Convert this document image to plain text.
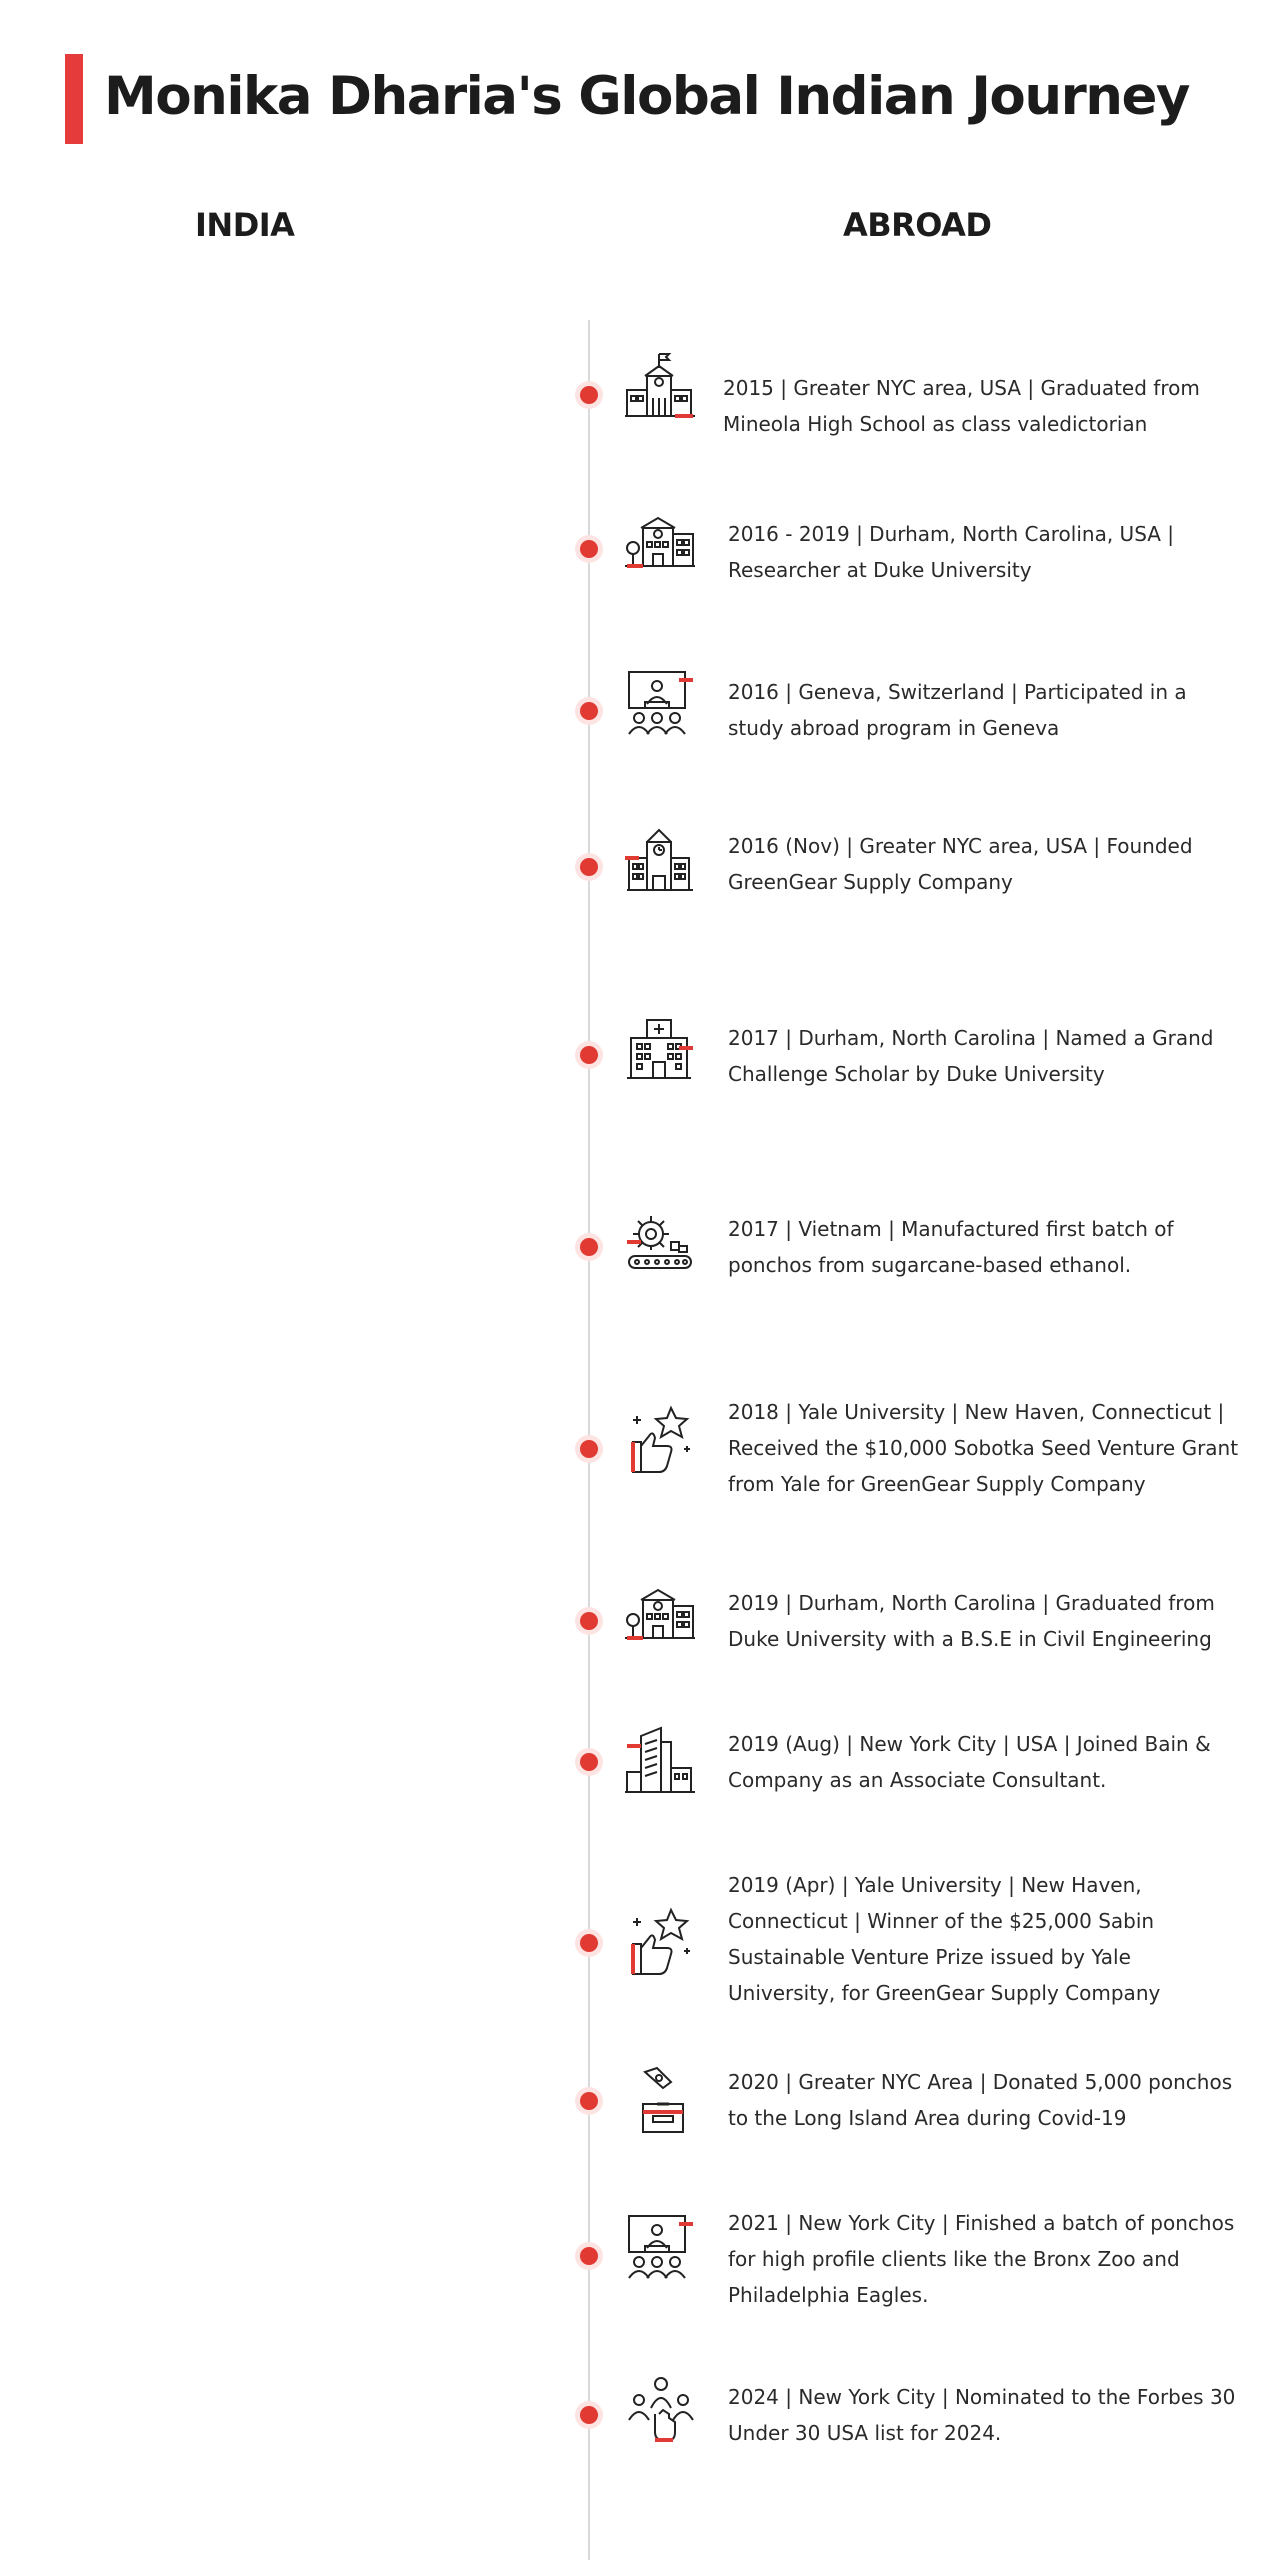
Monika Dharia's Global Indian Journey
INDIA	ABROAD
2015 | Greater NYC area, USA | Graduated from Mineola High School as class valedictorian
2016 - 2019 | Durham, North Carolina, USA | Researcher at Duke University
2016 | Geneva, Switzerland | Participated in a study abroad program in Geneva
2016 (Nov) | Greater NYC area, USA | Founded GreenGear Supply Company
2017 | Durham, North Carolina | Named a Grand Challenge Scholar by Duke University
2017 | Vietnam | Manufactured first batch of ponchos from sugarcane-based ethanol.
2018 | Yale University | New Haven, Connecticut | Received the $10,000 Sobotka Seed Venture Grant from Yale for GreenGear Supply Company
2019 | Durham, North Carolina | Graduated from Duke University with a B.S.E in Civil Engineering
2019 (Aug) | New York City | USA | Joined Bain & Company as an Associate Consultant.
2019 (Apr) | Yale University | New Haven, Connecticut | Winner of the $25,000 Sabin Sustainable Venture Prize issued by Yale University, for GreenGear Supply Company
2020 | Greater NYC Area | Donated 5,000 ponchos to the Long Island Area during Covid-19
2021 | New York City | Finished a batch of ponchos for high profile clients like the Bronx Zoo and Philadelphia Eagles.
2024 | New York City | Nominated to the Forbes 30 Under 30 USA list for 2024.
